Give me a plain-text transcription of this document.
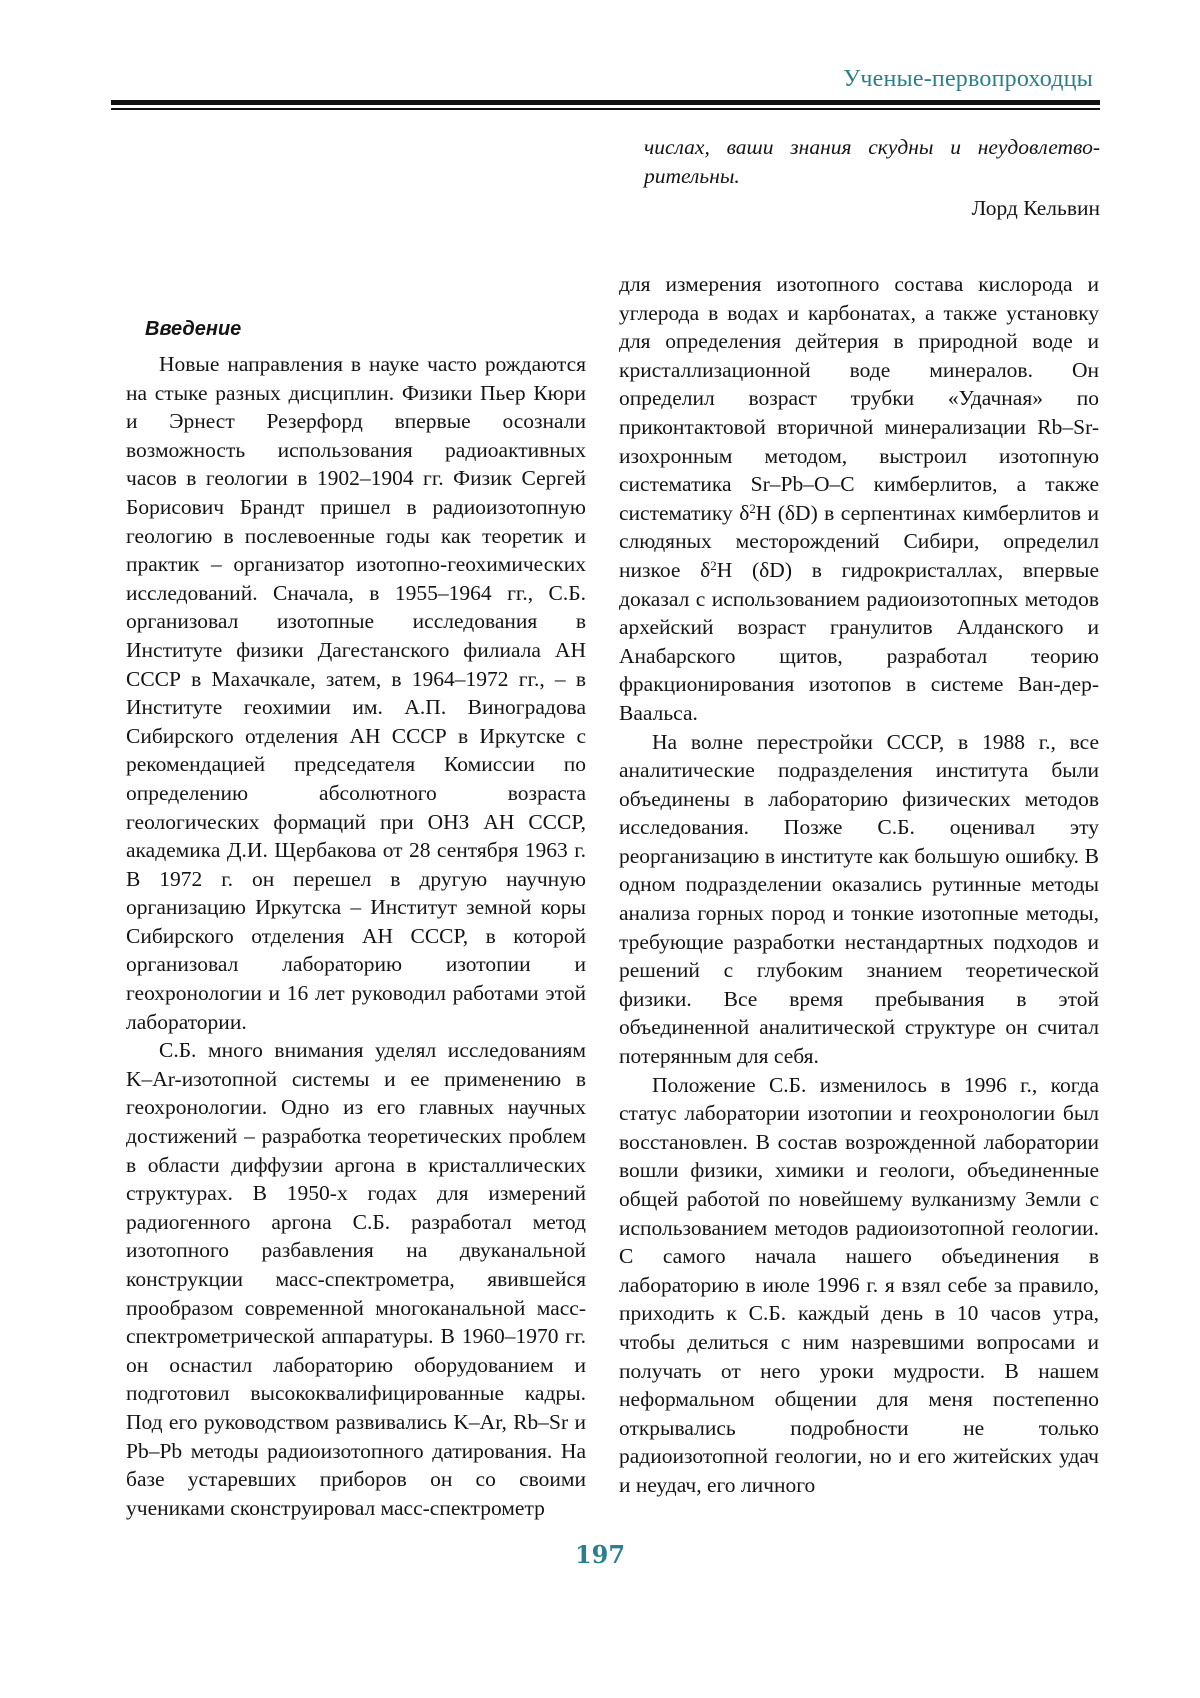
Ученые-первопроходцы

числах, ваши знания скудны и неудовлетво-рительны.

Лорд Кельвин

Введение

Новые направления в науке часто рождаются на стыке разных дисциплин. Физики Пьер Кюри и Эрнест Резерфорд впервые осознали возможность использования радиоактивных часов в геологии в 1902–1904 гг. Физик Сергей Борисович Брандт пришел в радиоизотопную геологию в послевоенные годы как теоретик и практик – организатор изотопно-геохимических исследований. Сначала, в 1955–1964 гг., С.Б. организовал изотопные исследования в Институте физики Дагестанского филиала АН СССР в Махачкале, затем, в 1964–1972 гг., – в Институте геохимии им. А.П. Виноградова Сибирского отделения АН СССР в Иркутске с рекомендацией председателя Комиссии по определению абсолютного возраста геологических формаций при ОНЗ АН СССР, академика Д.И. Щербакова от 28 сентября 1963 г. В 1972 г. он перешел в другую научную организацию Иркутска – Институт земной коры Сибирского отделения АН СССР, в которой организовал лабораторию изотопии и геохронологии и 16 лет руководил работами этой лаборатории.

С.Б. много внимания уделял исследованиям K–Ar-изотопной системы и ее применению в геохронологии. Одно из его главных научных достижений – разработка теоретических проблем в области диффузии аргона в кристаллических структурах. В 1950-х годах для измерений радиогенного аргона С.Б. разработал метод изотопного разбавления на двуканальной конструкции масс-спектрометра, явившейся прообразом современной многоканальной масс-спектрометрической аппаратуры. В 1960–1970 гг. он оснастил лабораторию оборудованием и подготовил высококвалифицированные кадры. Под его руководством развивались K–Ar, Rb–Sr и Pb–Pb методы радиоизотопного датирования. На базе устаревших приборов он со своими учениками сконструировал масс-спектрометр

для измерения изотопного состава кислорода и углерода в водах и карбонатах, а также установку для определения дейтерия в природной воде и кристаллизационной воде минералов. Он определил возраст трубки «Удачная» по приконтактовой вторичной минерализации Rb–Sr-изохронным методом, выстроил изотопную систематика Sr–Pb–O–C кимберлитов, а также систематику $\delta^2H$ (δD) в серпентинах кимберлитов и слюдяных месторождений Сибири, определил низкое $\delta^2H$ (δD) в гидрокристаллах, впервые доказал с использованием радиоизотопных методов архейский возраст гранулитов Алданского и Анабарского щитов, разработал теорию фракционирования изотопов в системе Ван-дер-Ваальса.

На волне перестройки СССР, в 1988 г., все аналитические подразделения института были объединены в лабораторию физических методов исследования. Позже С.Б. оценивал эту реорганизацию в институте как большую ошибку. В одном подразделении оказались рутинные методы анализа горных пород и тонкие изотопные методы, требующие разработки нестандартных подходов и решений с глубоким знанием теоретической физики. Все время пребывания в этой объединенной аналитической структуре он считал потерянным для себя.

Положение С.Б. изменилось в 1996 г., когда статус лаборатории изотопии и геохронологии был восстановлен. В состав возрожденной лаборатории вошли физики, химики и геологи, объединенные общей работой по новейшему вулканизму Земли с использованием методов радиоизотопной геологии. С самого начала нашего объединения в лабораторию в июле 1996 г. я взял себе за правило, приходить к С.Б. каждый день в 10 часов утра, чтобы делиться с ним назревшими вопросами и получать от него уроки мудрости. В нашем неформальном общении для меня постепенно открывались подробности не только радиоизотопной геологии, но и его житейских удач и неудач, его личного

197
